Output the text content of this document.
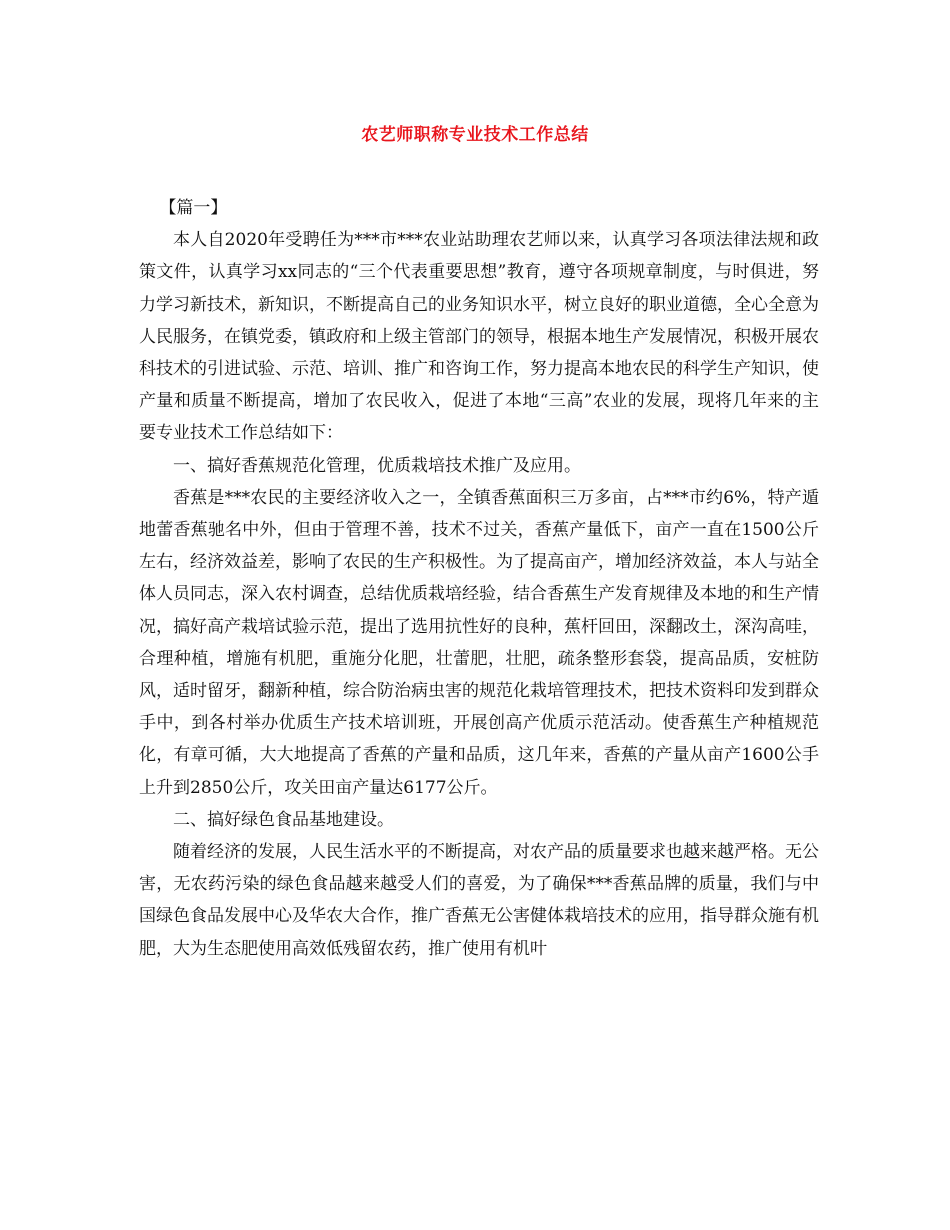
农艺师职称专业技术工作总结

【篇一】

本人自2020年受聘任为***市***农业站助理农艺师以来，认真学习各项法律法规和政策文件，认真学习xx同志的“三个代表重要思想”教育，遵守各项规章制度，与时俱进，努力学习新技术，新知识，不断提高自己的业务知识水平，树立良好的职业道德，全心全意为人民服务，在镇党委，镇政府和上级主管部门的领导，根据本地生产发展情况，积极开展农科技术的引进试验、示范、培训、推广和咨询工作，努力提高本地农民的科学生产知识，使产量和质量不断提高，增加了农民收入，促进了本地“三高”农业的发展，现将几年来的主要专业技术工作总结如下：

一、搞好香蕉规范化管理，优质栽培技术推广及应用。

香蕉是***农民的主要经济收入之一，全镇香蕉面积三万多亩，占***市约6%，特产遁地蕾香蕉驰名中外，但由于管理不善，技术不过关，香蕉产量低下，亩产一直在1500公斤左右，经济效益差，影响了农民的生产积极性。为了提高亩产，增加经济效益，本人与站全体人员同志，深入农村调查，总结优质栽培经验，结合香蕉生产发育规律及本地的和生产情况，搞好高产栽培试验示范，提出了选用抗性好的良种，蕉杆回田，深翻改土，深沟高哇，合理种植，增施有机肥，重施分化肥，壮蕾肥，壮肥，疏条整形套袋，提高品质，安桩防风，适时留牙，翻新种植，综合防治病虫害的规范化栽培管理技术，把技术资料印发到群众手中，到各村举办优质生产技术培训班，开展创高产优质示范活动。使香蕉生产种植规范化，有章可循，大大地提高了香蕉的产量和品质，这几年来，香蕉的产量从亩产1600公手上升到2850公斤，攻关田亩产量达6177公斤。

二、搞好绿色食品基地建设。

随着经济的发展，人民生活水平的不断提高，对农产品的质量要求也越来越严格。无公害，无农药污染的绿色食品越来越受人们的喜爱，为了确保***香蕉品牌的质量，我们与中国绿色食品发展中心及华农大合作，推广香蕉无公害健体栽培技术的应用，指导群众施有机肥，大为生态肥使用高效低残留农药，推广使用有机叶
